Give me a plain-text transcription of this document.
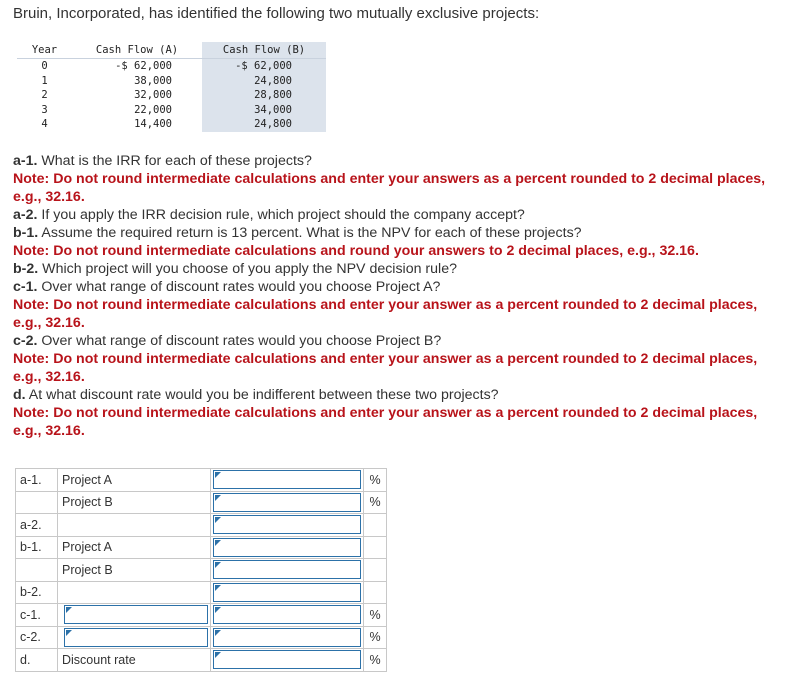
Bruin, Incorporated, has identified the following two mutually exclusive projects:
Year	Cash Flow (A)	Cash Flow (B)
0	-$ 62,000	-$ 62,000
1	38,000	24,800
2	32,000	28,800
3	22,000	34,000
4	14,400	24,800

a-1. What is the IRR for each of these projects?

Note: Do not round intermediate calculations and enter your answers as a percent rounded to 2 decimal places, e.g., 32.16.

a-2. If you apply the IRR decision rule, which project should the company accept?

b-1. Assume the required return is 13 percent. What is the NPV for each of these projects?

Note: Do not round intermediate calculations and round your answers to 2 decimal places, e.g., 32.16.

b-2. Which project will you choose of you apply the NPV decision rule?

c-1. Over what range of discount rates would you choose Project A?

Note: Do not round intermediate calculations and enter your answer as a percent rounded to 2 decimal places, e.g., 32.16.

c-2. Over what range of discount rates would you choose Project B?

Note: Do not round intermediate calculations and enter your answer as a percent rounded to 2 decimal places, e.g., 32.16.

d. At what discount rate would you be indifferent between these two projects?

Note: Do not round intermediate calculations and enter your answer as a percent rounded to 2 decimal places, e.g., 32.16.

a-1.	Project A		%
	Project B		%
a-2.		

b-1.	Project A	

	Project B	

b-2.		

c-1.			%
c-2.			%
d.	Discount rate		%
